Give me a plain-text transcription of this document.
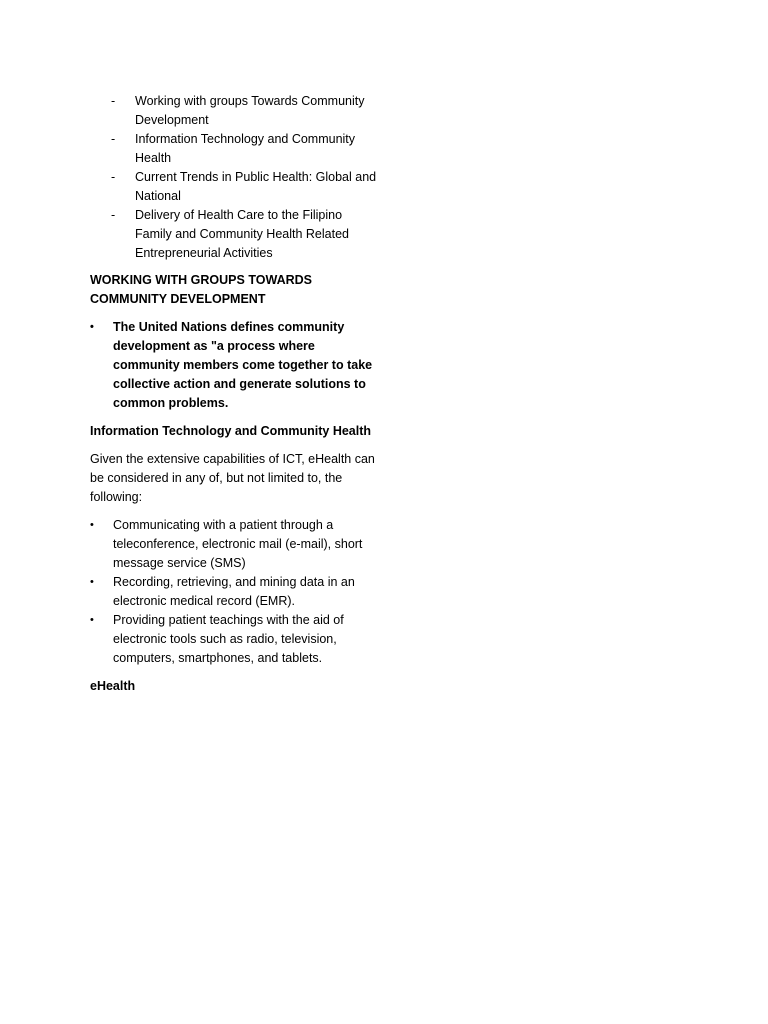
- Working with groups Towards Community Development
- Information Technology and Community Health
- Current Trends in Public Health: Global and National
- Delivery of Health Care to the Filipino Family and Community Health Related Entrepreneurial Activities

WORKING WITH GROUPS TOWARDS COMMUNITY DEVELOPMENT

• The United Nations defines community development as "a process where community members come together to take collective action and generate solutions to common problems.

Information Technology and Community Health

Given the extensive capabilities of ICT, eHealth can be considered in any of, but not limited to, the following:

• Communicating with a patient through a teleconference, electronic mail (e-mail), short message service (SMS)
• Recording, retrieving, and mining data in an electronic medical record (EMR).
• Providing patient teachings with the aid of electronic tools such as radio, television, computers, smartphones, and tablets.

eHealth
